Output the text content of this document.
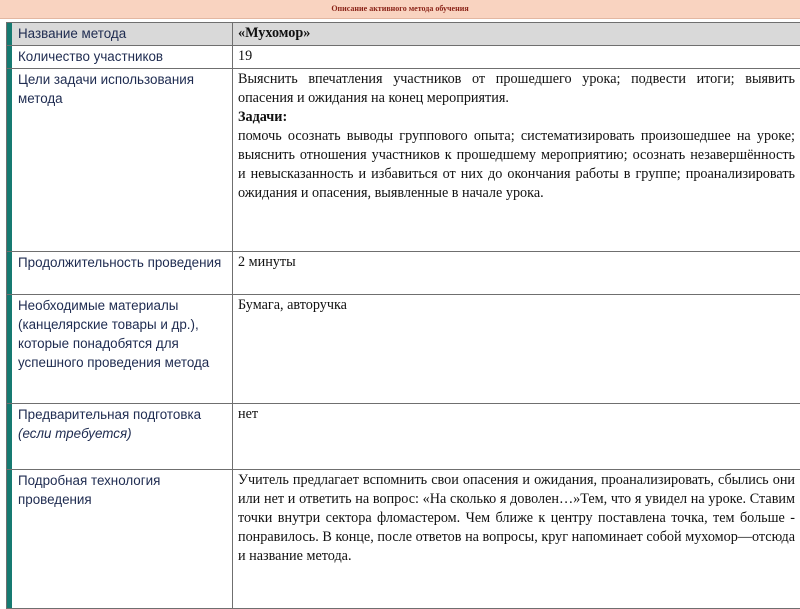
Описание активного метода обучения
Название метода	«Мухомор»
Количество участников	19
Цели задачи использования метода	Выяснить впечатления участников от прошедшего урока; подвести итоги; выявить опасения и ожидания на конец мероприятия.

Задачи:

помочь осознать выводы группового опыта; систематизировать произошедшее на уроке; выяснить отношения участников к прошедшему мероприятию; осознать незавершённость и невысказанность и избавиться от них до окончания работы в группе; проанализировать ожидания и опасения, выявленные в начале урока.

Продолжительность проведения	2 минуты
Необходимые материалы (канцелярские товары и др.), которые понадобятся для успешного проведения метода	Бумага, авторучка
Предварительная подготовка (если требуется)	нет
Подробная технология проведения	Учитель предлагает вспомнить свои опасения и ожидания, проанализировать, сбылись они или нет и ответить на вопрос: «На сколько я доволен…»Тем, что я увидел на уроке. Ставим точки внутри сектора фломастером. Чем ближе к центру поставлена точка, тем больше - понравилось. В конце, после ответов на вопросы, круг напоминает собой мухомор—отсюда и название метода.
